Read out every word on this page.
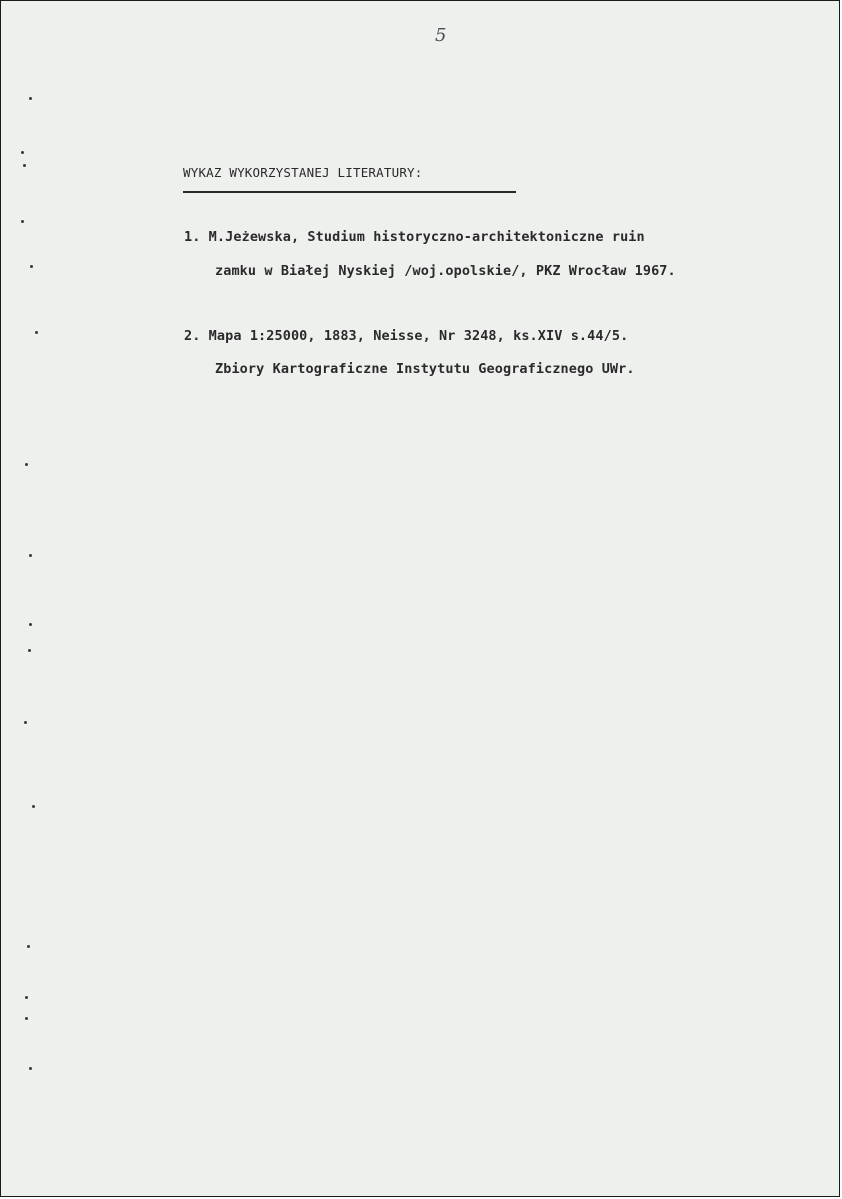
5
WYKAZ WYKORZYSTANEJ LITERATURY:
1. M.Jeżewska, Studium historyczno-architektoniczne ruin
zamku w Białej Nyskiej /woj.opolskie/, PKZ Wrocław 1967.
2. Mapa 1:25000, 1883, Neisse, Nr 3248, ks.XIV s.44/5.
Zbiory Kartograficzne Instytutu Geograficznego UWr.
